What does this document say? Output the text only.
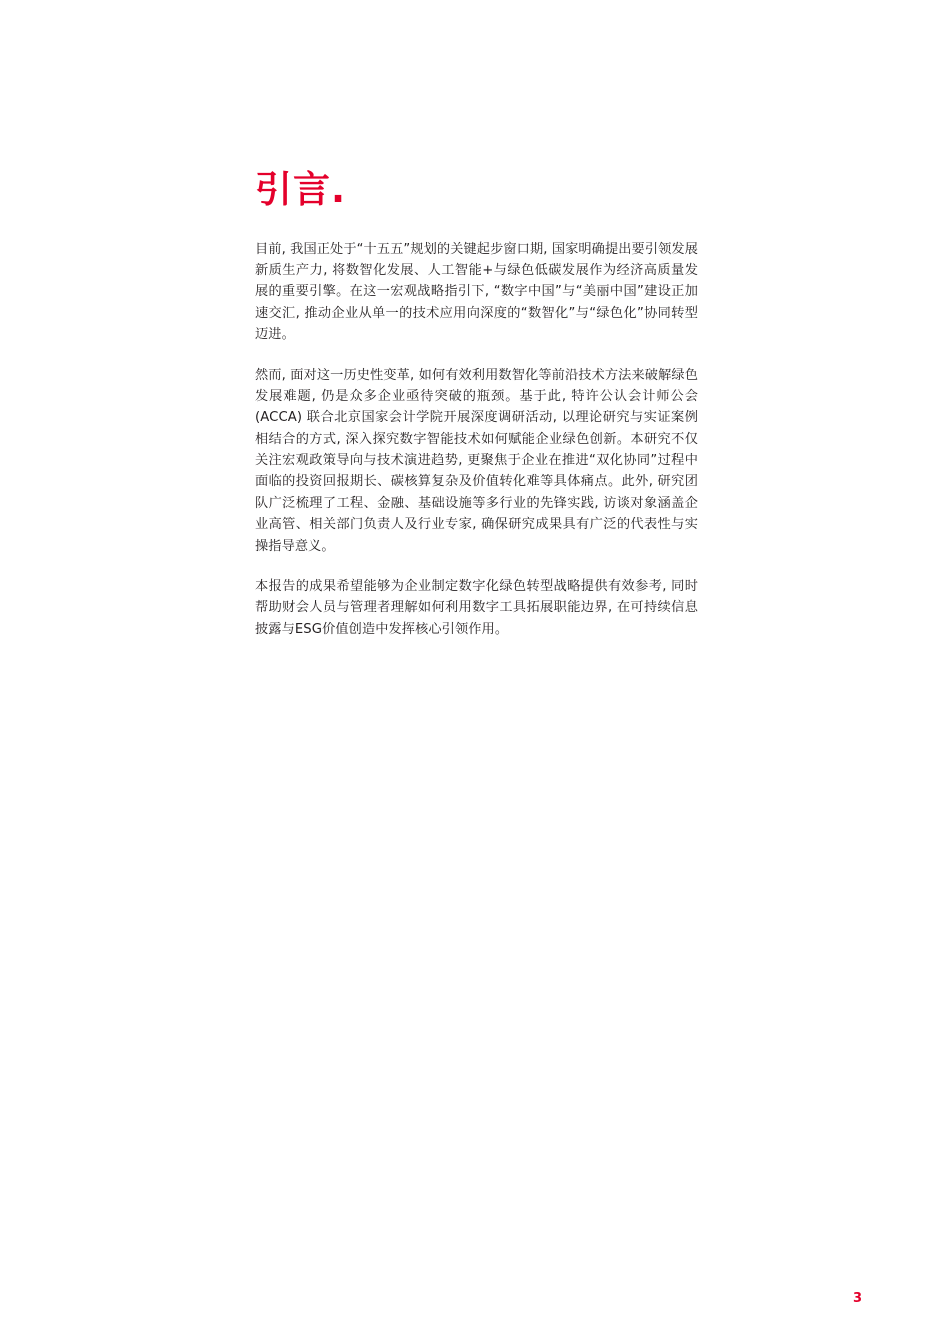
引言.

目前, 我国正处于“十五五”规划的关键起步窗口期, 国家明确提出要引领发展新质生产力, 将数智化发展、人工智能+与绿色低碳发展作为经济高质量发展的重要引擎。在这一宏观战略指引下, “数字中国”与“美丽中国”建设正加速交汇, 推动企业从单一的技术应用向深度的“数智化”与“绿色化”协同转型迈进。

然而, 面对这一历史性变革, 如何有效利用数智化等前沿技术方法来破解绿色发展难题, 仍是众多企业亟待突破的瓶颈。基于此, 特许公认会计师公会 (ACCA) 联合北京国家会计学院开展深度调研活动, 以理论研究与实证案例相结合的方式, 深入探究数字智能技术如何赋能企业绿色创新。本研究不仅关注宏观政策导向与技术演进趋势, 更聚焦于企业在推进“双化协同”过程中面临的投资回报期长、碳核算复杂及价值转化难等具体痛点。此外, 研究团队广泛梳理了工程、金融、基础设施等多行业的先锋实践, 访谈对象涵盖企业高管、相关部门负责人及行业专家, 确保研究成果具有广泛的代表性与实操指导意义。

本报告的成果希望能够为企业制定数字化绿色转型战略提供有效参考, 同时帮助财会人员与管理者理解如何利用数字工具拓展职能边界, 在可持续信息披露与ESG价值创造中发挥核心引领作用。

3
